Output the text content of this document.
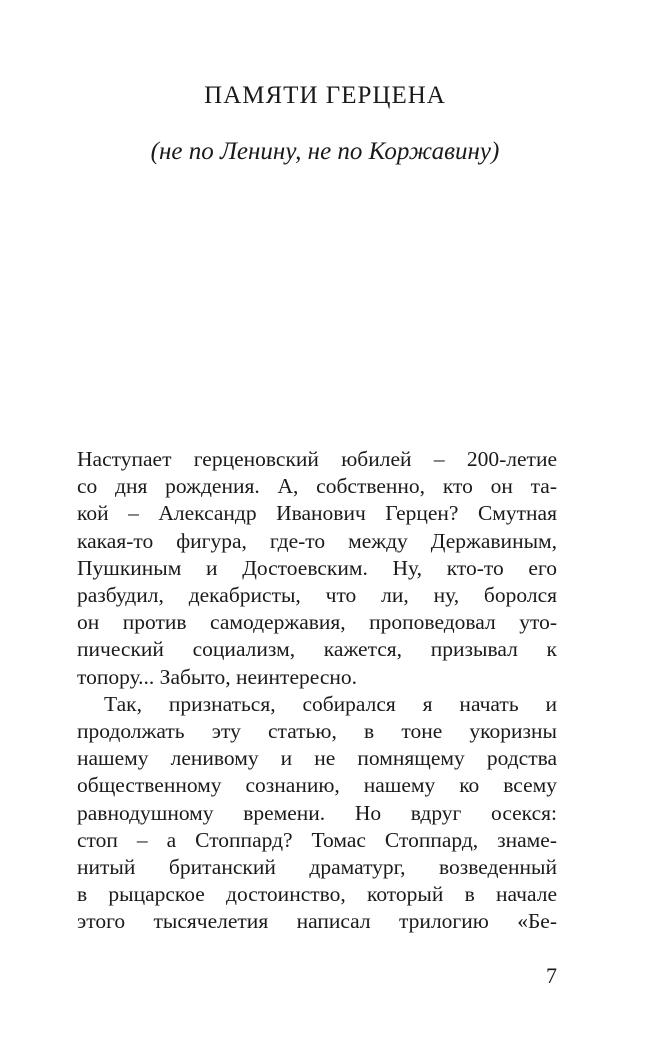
ПАМЯТИ ГЕРЦЕНА
(не по Ленину, не по Коржавину)
Наступает герценовский юбилей – 200-летие
со дня рождения. А, собственно, кто он та-
кой – Александр Иванович Герцен? Смутная
какая-то фигура, где-то между Державиным,
Пушкиным и Достоевским. Ну, кто-то его
разбудил, декабристы, что ли, ну, боролся
он против самодержавия, проповедовал уто-
пический социализм, кажется, призывал к
топору... Забыто, неинтересно.
Так, признаться, собирался я начать и
продолжать эту статью, в тоне укоризны
нашему ленивому и не помнящему родства
общественному сознанию, нашему ко всему
равнодушному времени. Но вдруг осекся:
стоп – а Стоппард? Томас Стоппард, знаме-
нитый британский драматург, возведенный
в рыцарское достоинство, который в начале
этого тысячелетия написал трилогию «Бе-
7
